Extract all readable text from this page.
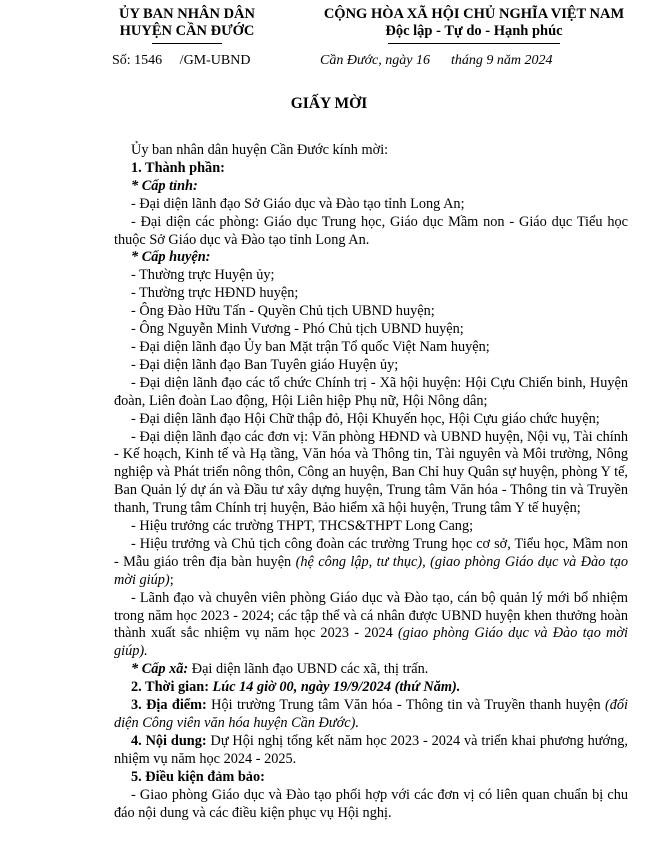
ỦY BAN NHÂN DÂN
HUYỆN CẦN ĐƯỚC
CỘNG HÒA XÃ HỘI CHỦ NGHĨA VIỆT NAM
Độc lập - Tự do - Hạnh phúc
Số: 1546     /GM-UBND	Cần Đước, ngày 16      tháng 9 năm 2024
GIẤY MỜI

Ủy ban nhân dân huyện Cần Đước kính mời:

1. Thành phần:

* Cấp tỉnh:

- Đại diện lãnh đạo Sở Giáo dục và Đào tạo tỉnh Long An;

- Đại diện các phòng: Giáo dục Trung học, Giáo dục Mầm non - Giáo dục Tiểu học thuộc Sở Giáo dục và Đào tạo tỉnh Long An.

* Cấp huyện:

- Thường trực Huyện ủy;

- Thường trực HĐND huyện;

- Ông Đào Hữu Tấn - Quyền Chủ tịch UBND huyện;

- Ông Nguyễn Minh Vương - Phó Chủ tịch UBND huyện;

- Đại diện lãnh đạo Ủy ban Mặt trận Tổ quốc Việt Nam huyện;

- Đại diện lãnh đạo Ban Tuyên giáo Huyện ủy;

- Đại diện lãnh đạo các tổ chức Chính trị - Xã hội huyện: Hội Cựu Chiến binh, Huyện đoàn, Liên đoàn Lao động, Hội Liên hiệp Phụ nữ, Hội Nông dân;

- Đại diện lãnh đạo Hội Chữ thập đỏ, Hội Khuyến học, Hội Cựu giáo chức huyện;

- Đại diện lãnh đạo các đơn vị: Văn phòng HĐND và UBND huyện, Nội vụ, Tài chính - Kế hoạch, Kinh tế và Hạ tầng, Văn hóa và Thông tin, Tài nguyên và Môi trường, Nông nghiệp và Phát triển nông thôn, Công an huyện, Ban Chỉ huy Quân sự huyện, phòng Y tế, Ban Quản lý dự án và Đầu tư xây dựng huyện, Trung tâm Văn hóa - Thông tin và Truyền thanh, Trung tâm Chính trị huyện, Bảo hiểm xã hội huyện, Trung tâm Y tế huyện;

- Hiệu trưởng các trường THPT, THCS&THPT Long Cang;

- Hiệu trưởng và Chủ tịch công đoàn các trường Trung học cơ sở, Tiểu học, Mầm non - Mẫu giáo trên địa bàn huyện (hệ công lập, tư thục), (giao phòng Giáo dục và Đào tạo mời giúp);

- Lãnh đạo và chuyên viên phòng Giáo dục và Đào tạo, cán bộ quản lý mới bổ nhiệm trong năm học 2023 - 2024; các tập thể và cá nhân được UBND huyện khen thưởng hoàn thành xuất sắc nhiệm vụ năm học 2023 - 2024 (giao phòng Giáo dục và Đào tạo mời giúp).

* Cấp xã: Đại diện lãnh đạo UBND các xã, thị trấn.

2. Thời gian: Lúc 14 giờ 00, ngày 19/9/2024 (thứ Năm).

3. Địa điểm: Hội trường Trung tâm Văn hóa - Thông tin và Truyền thanh huyện (đối diện Công viên văn hóa huyện Cần Đước).

4. Nội dung: Dự Hội nghị tổng kết năm học 2023 - 2024 và triển khai phương hướng, nhiệm vụ năm học 2024 - 2025.

5. Điều kiện đảm bảo:

- Giao phòng Giáo dục và Đào tạo phối hợp với các đơn vị có liên quan chuẩn bị chu đáo nội dung và các điều kiện phục vụ Hội nghị.
